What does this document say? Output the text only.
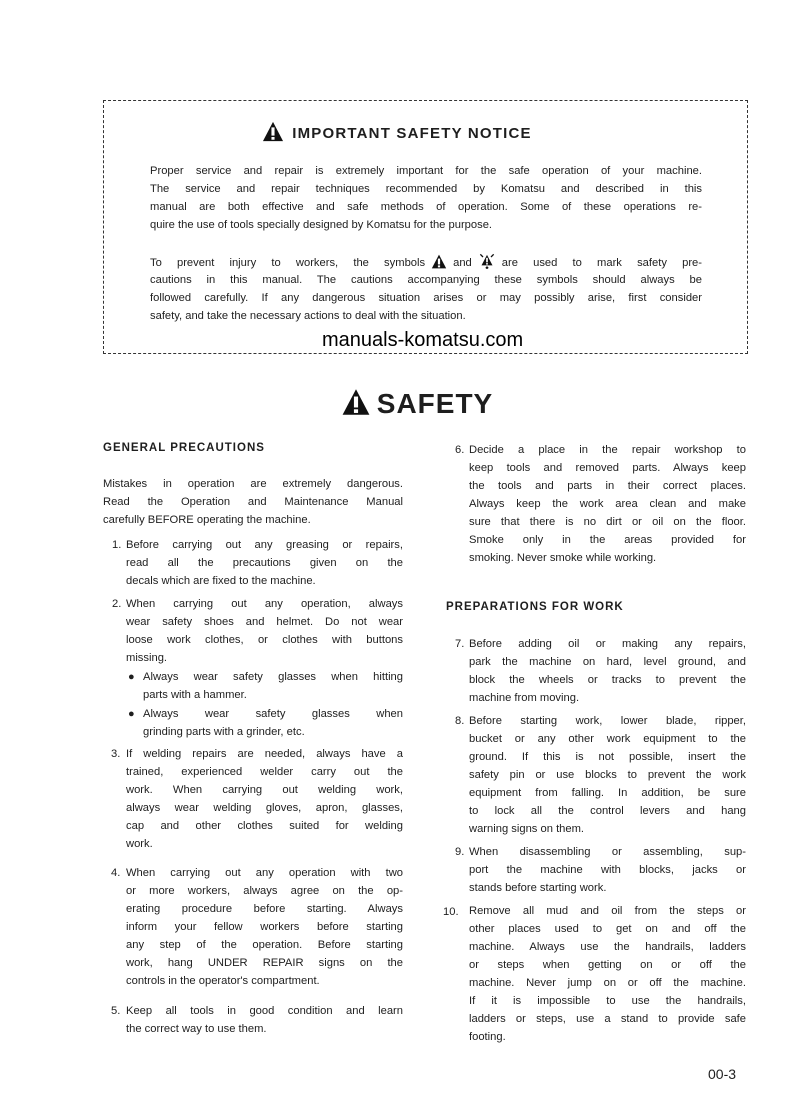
IMPORTANT SAFETY NOTICE
Proper service and repair is extremely important for the safe operation of your machine.
The service and repair techniques recommended by Komatsu and described in this
manual are both effective and safe methods of operation. Some of these operations re-
quire the use of tools specially designed by Komatsu for the purpose.
To prevent injury to workers, the symbols	and	are used to mark safety pre-
cautions in this manual. The cautions accompanying these symbols should always be
followed carefully. If any dangerous situation arises or may possibly arise, first consider
safety, and take the necessary actions to deal with the situation.
manuals-komatsu.com
SAFETY
GENERAL PRECAUTIONS
Mistakes in operation are extremely dangerous.
Read the Operation and Maintenance Manual
carefully BEFORE operating the machine.
1. Before carrying out any greasing or repairs,
read all the precautions given on the
decals which are fixed to the machine.
2. When carrying out any operation, always
wear safety shoes and helmet. Do not wear
loose work clothes, or clothes with buttons
missing.
● Always wear safety glasses when hitting
parts with a hammer.
● Always wear safety glasses when
grinding parts with a grinder, etc.
3. If welding repairs are needed, always have a
trained, experienced welder carry out the
work. When carrying out welding work,
always wear welding gloves, apron, glasses,
cap and other clothes suited for welding
work.
4. When carrying out any operation with two
or more workers, always agree on the op-
erating procedure before starting. Always
inform your fellow workers before starting
any step of the operation. Before starting
work, hang UNDER REPAIR signs on the
controls in the operator's compartment.
5. Keep all tools in good condition and learn
the correct way to use them.
6. Decide a place in the repair workshop to
keep tools and removed parts. Always keep
the tools and parts in their correct places.
Always keep the work area clean and make
sure that there is no dirt or oil on the floor.
Smoke only in the areas provided for
smoking. Never smoke while working.
PREPARATIONS FOR WORK
7. Before adding oil or making any repairs,
park the machine on hard, level ground, and
block the wheels or tracks to prevent the
machine from moving.
8. Before starting work, lower blade, ripper,
bucket or any other work equipment to the
ground. If this is not possible, insert the
safety pin or use blocks to prevent the work
equipment from falling. In addition, be sure
to lock all the control levers and hang
warning signs on them.
9. When disassembling or assembling, sup-
port the machine with blocks, jacks or
stands before starting work.
10. Remove all mud and oil from the steps or
other places used to get on and off the
machine. Always use the handrails, ladders
or steps when getting on or off the
machine. Never jump on or off the machine.
If it is impossible to use the handrails,
ladders or steps, use a stand to provide safe
footing.
00-3
